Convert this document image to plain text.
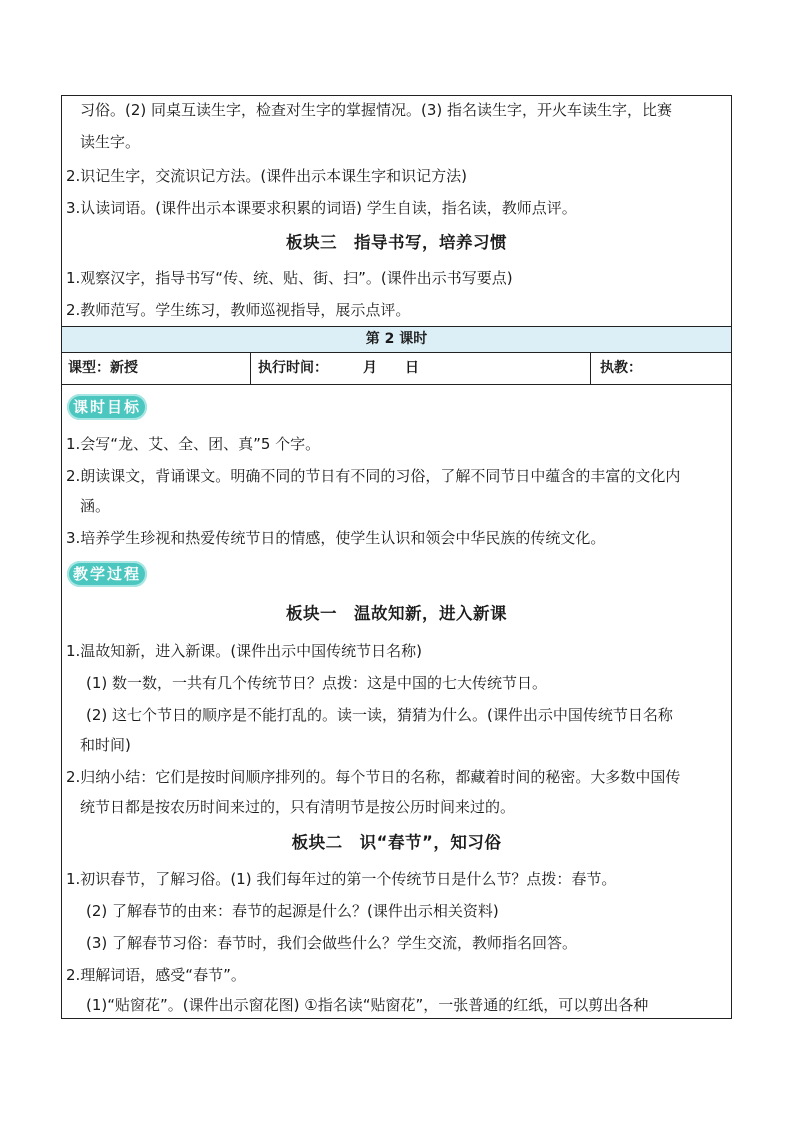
习俗。(2) 同桌互读生字，检查对生字的掌握情况。(3) 指名读生字，开火车读生字，比赛
读生字。
2.识记生字，交流识记方法。(课件出示本课生字和识记方法)
3.认读词语。(课件出示本课要求积累的词语) 学生自读，指名读，教师点评。
板块三　指导书写，培养习惯
1.观察汉字，指导书写“传、统、贴、街、扫”。(课件出示书写要点)
2.教师范写。学生练习，教师巡视指导，展示点评。
第 2 课时
课型：新授	执行时间：　　　月　　日	执教：
课时目标
1.会写“龙、艾、全、团、真”5 个字。
2.朗读课文，背诵课文。明确不同的节日有不同的习俗，了解不同节日中蕴含的丰富的文化内
涵。
3.培养学生珍视和热爱传统节日的情感，使学生认识和领会中华民族的传统文化。
教学过程
板块一　温故知新，进入新课
1.温故知新，进入新课。(课件出示中国传统节日名称)
(1) 数一数，一共有几个传统节日？点拨：这是中国的七大传统节日。
(2) 这七个节日的顺序是不能打乱的。读一读，猜猜为什么。(课件出示中国传统节日名称
和时间)
2.归纳小结：它们是按时间顺序排列的。每个节日的名称，都藏着时间的秘密。大多数中国传
统节日都是按农历时间来过的，只有清明节是按公历时间来过的。
板块二　识“春节”，知习俗
1.初识春节，了解习俗。(1) 我们每年过的第一个传统节日是什么节？点拨：春节。
(2) 了解春节的由来：春节的起源是什么？(课件出示相关资料)
(3) 了解春节习俗：春节时，我们会做些什么？学生交流，教师指名回答。
2.理解词语，感受“春节”。
(1)“贴窗花”。(课件出示窗花图) ①指名读“贴窗花”，一张普通的红纸，可以剪出各种
